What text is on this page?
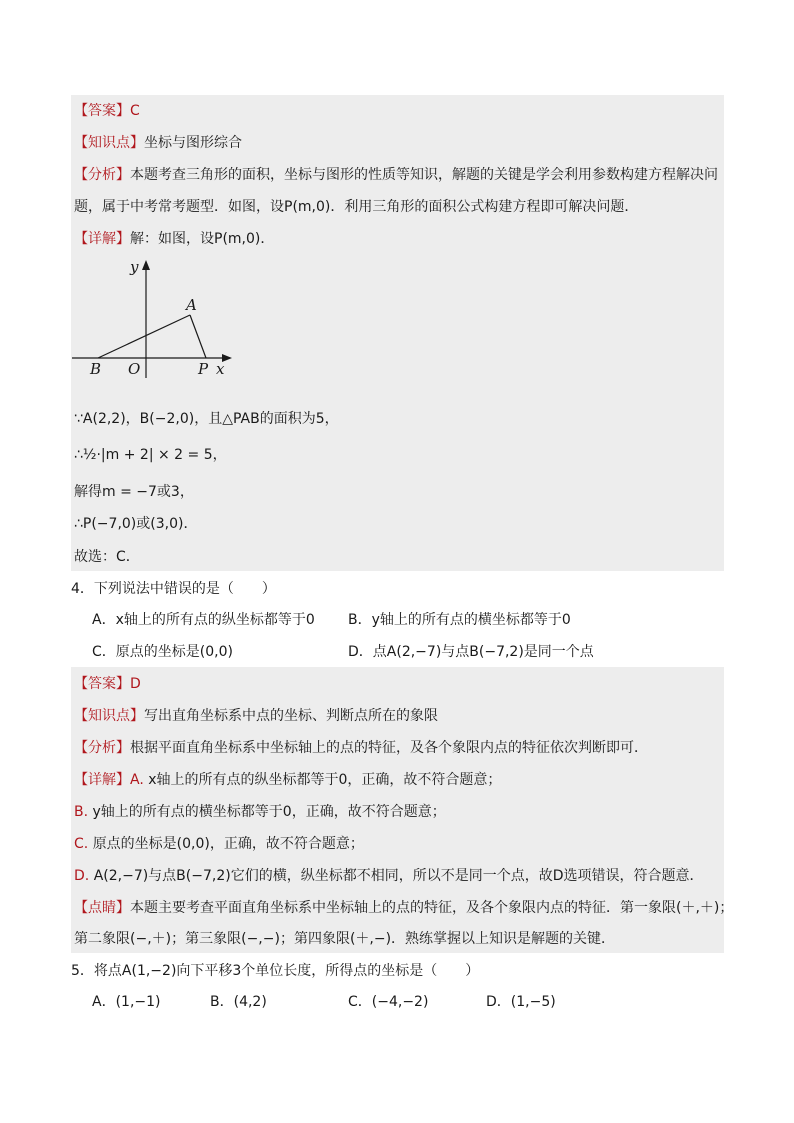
【答案】C
【知识点】坐标与图形综合
【分析】本题考查三角形的面积，坐标与图形的性质等知识，解题的关键是学会利用参数构建方程解决问
题，属于中考常考题型．如图，设P(m,0)．利用三角形的面积公式构建方程即可解决问题．
【详解】解：如图，设P(m,0)．
y
A
B O	P x
∵A(2,2)，B(−2,0)，且△PAB的面积为5，
∴½·|m + 2| × 2 = 5，
解得m = −7或3，
∴P(−7,0)或(3,0)．
故选：C．
4．下列说法中错误的是（　　）
A．x轴上的所有点的纵坐标都等于0 B．y轴上的所有点的横坐标都等于0
C．原点的坐标是(0,0)	D．点A(2,−7)与点B(−7,2)是同一个点
【答案】D
【知识点】写出直角坐标系中点的坐标、判断点所在的象限
【分析】根据平面直角坐标系中坐标轴上的点的特征，及各个象限内点的特征依次判断即可．
【详解】A. x轴上的所有点的纵坐标都等于0，正确，故不符合题意；
B. y轴上的所有点的横坐标都等于0，正确，故不符合题意；
C. 原点的坐标是(0,0)，正确，故不符合题意；
D. A(2,−7)与点B(−7,2)它们的横，纵坐标都不相同，所以不是同一个点，故D选项错误，符合题意．
【点睛】本题主要考查平面直角坐标系中坐标轴上的点的特征，及各个象限内点的特征．第一象限(＋,＋)；
第二象限(−,＋)；第三象限(−,−)；第四象限(＋,−)．熟练掌握以上知识是解题的关键．
5．将点A(1,−2)向下平移3个单位长度，所得点的坐标是（　　）
A．(1,−1)	B．(4,2)	C．(−4,−2)	D．(1,−5)
